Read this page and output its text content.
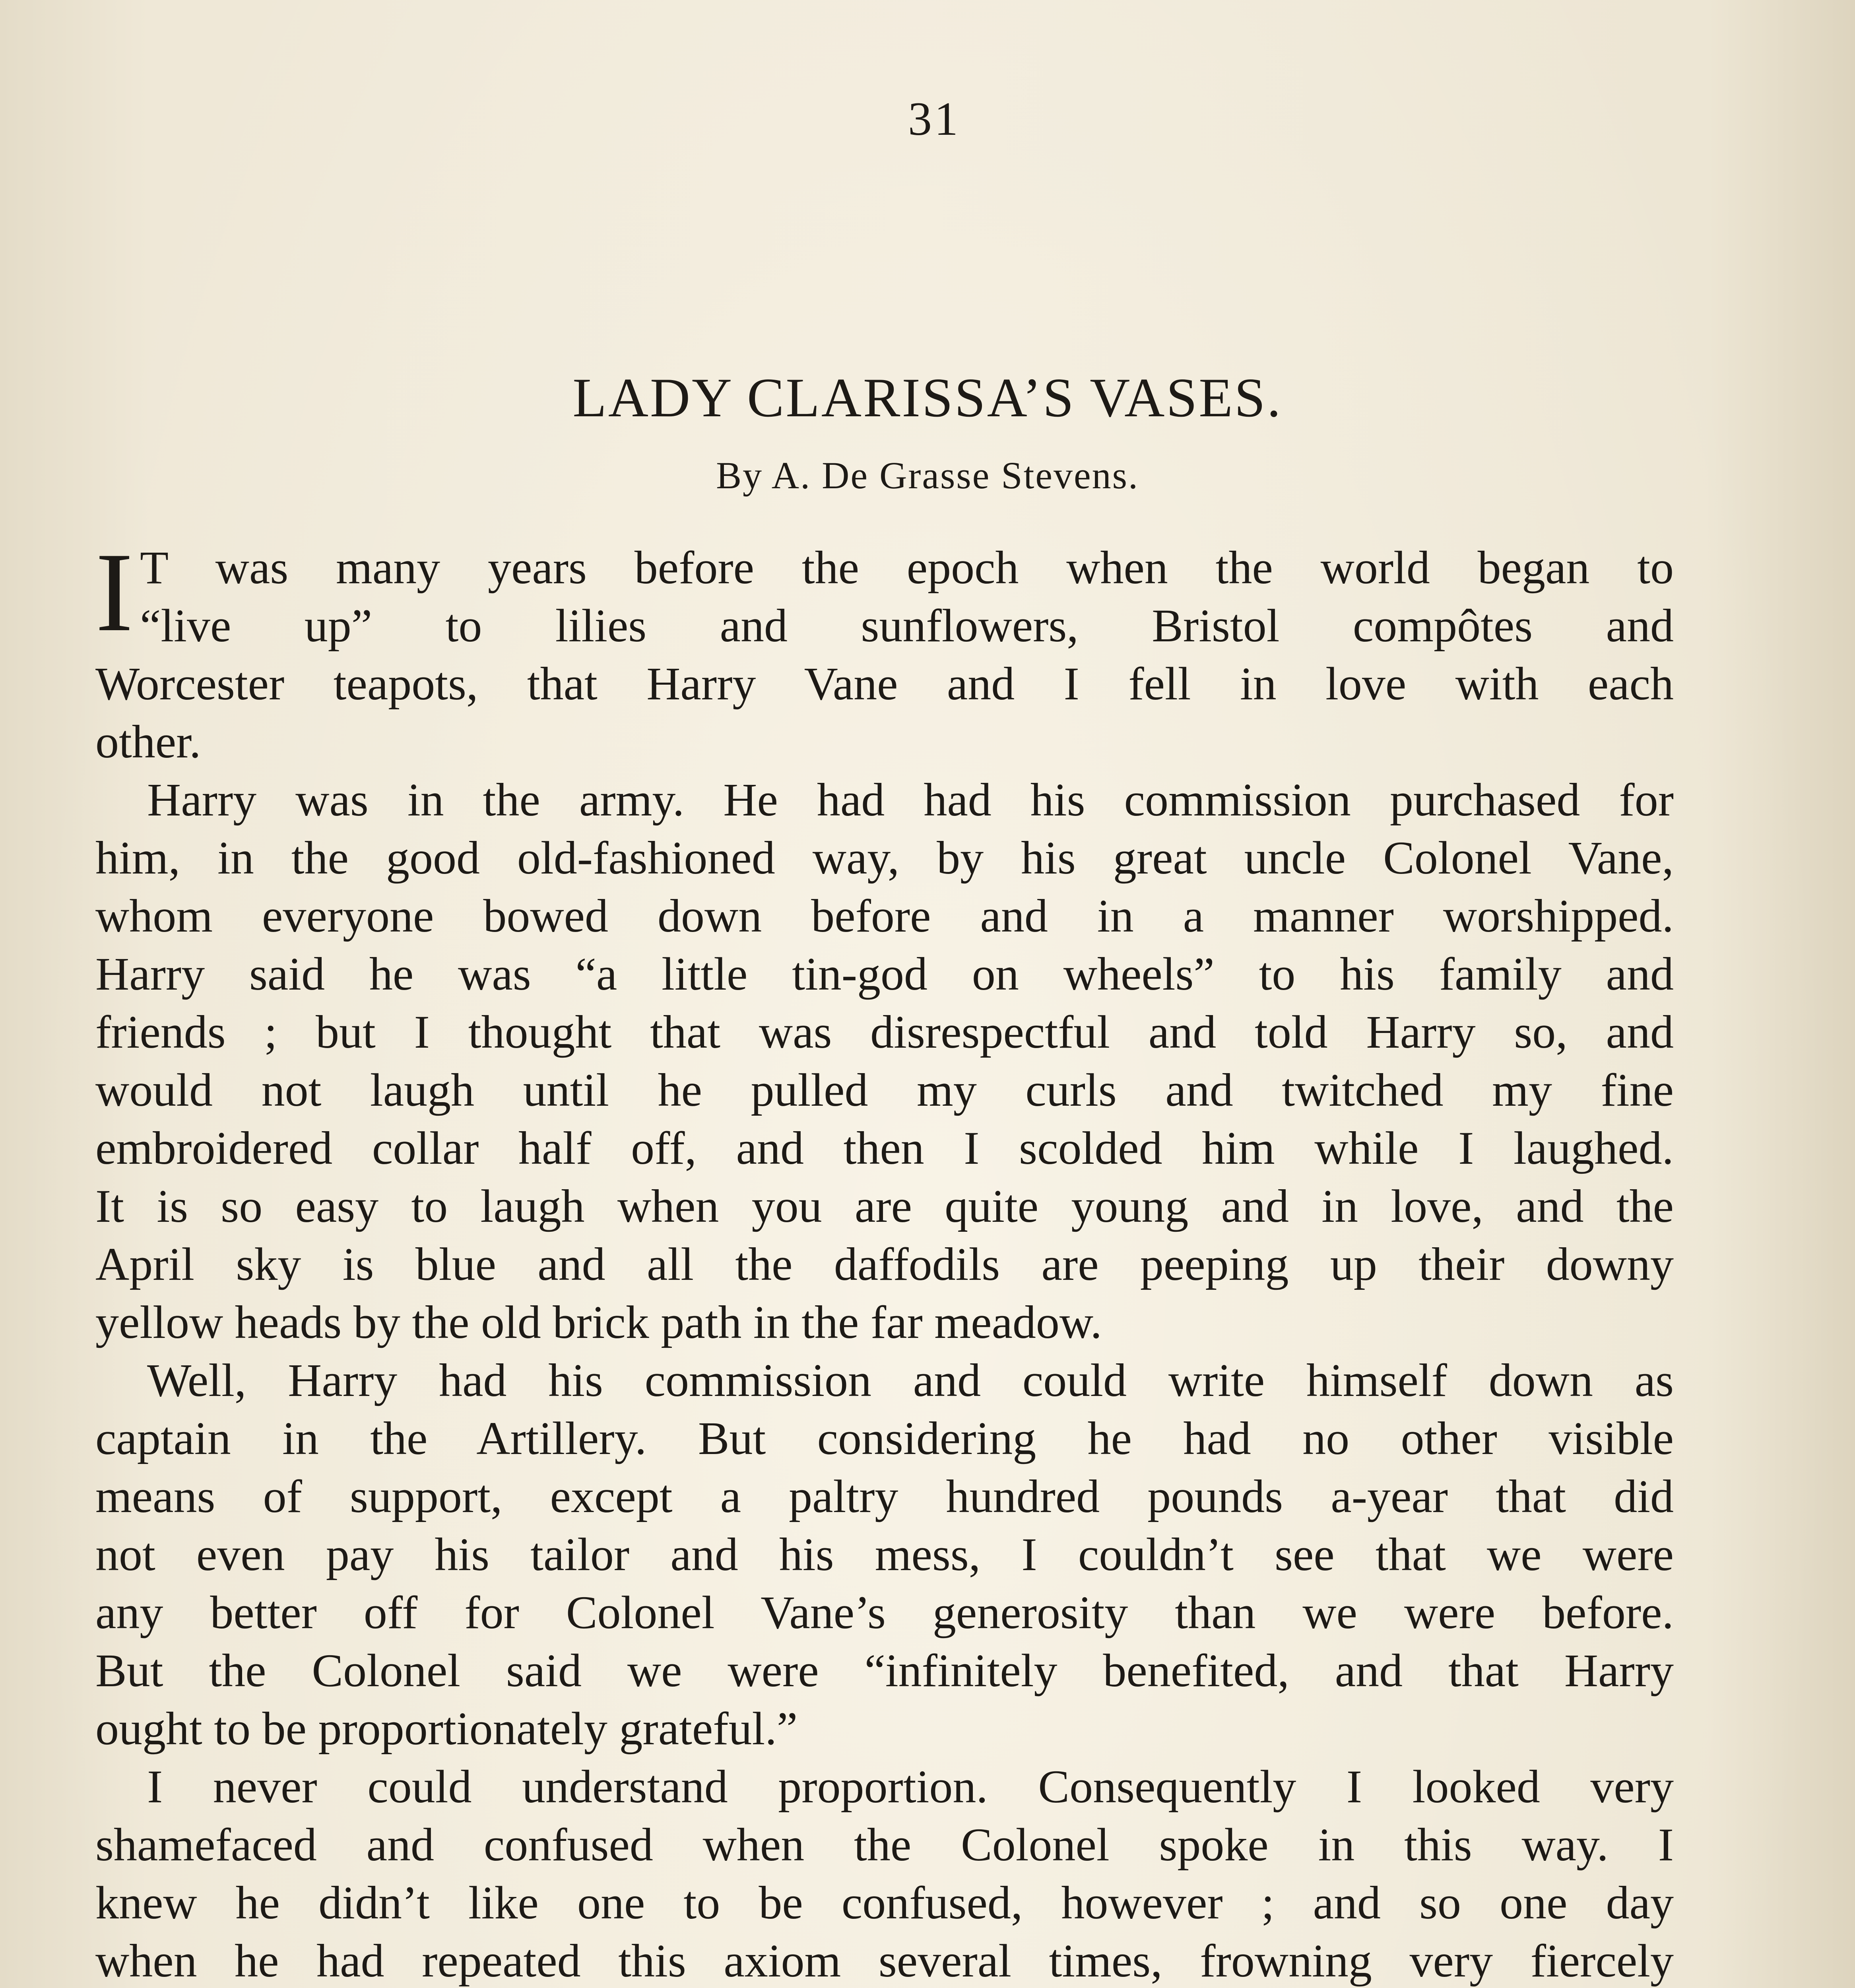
31
LADY CLARISSA’S VASES.
By A. De Grasse Stevens.
I T was many years before the epoch when the world began to
“live up” to lilies and sunflowers, Bristol compôtes and
Worcester teapots, that Harry Vane and I fell in love with each
other.
Harry was in the army. He had had his commission purchased for
him, in the good old-fashioned way, by his great uncle Colonel Vane,
whom everyone bowed down before and in a manner worshipped.
Harry said he was “a little tin-god on wheels” to his family and
friends ; but I thought that was disrespectful and told Harry so, and
would not laugh until he pulled my curls and twitched my fine
embroidered collar half off, and then I scolded him while I laughed.
It is so easy to laugh when you are quite young and in love, and the
April sky is blue and all the daffodils are peeping up their downy
yellow heads by the old brick path in the far meadow.
Well, Harry had his commission and could write himself down as
captain in the Artillery. But considering he had no other visible
means of support, except a paltry hundred pounds a-year that did
not even pay his tailor and his mess, I couldn’t see that we were
any better off for Colonel Vane’s generosity than we were before.
But the Colonel said we were “infinitely benefited, and that Harry
ought to be proportionately grateful.”
I never could understand proportion. Consequently I looked very
shamefaced and confused when the Colonel spoke in this way. I
knew he didn’t like one to be confused, however ; and so one day
when he had repeated this axiom several times, frowning very fiercely
